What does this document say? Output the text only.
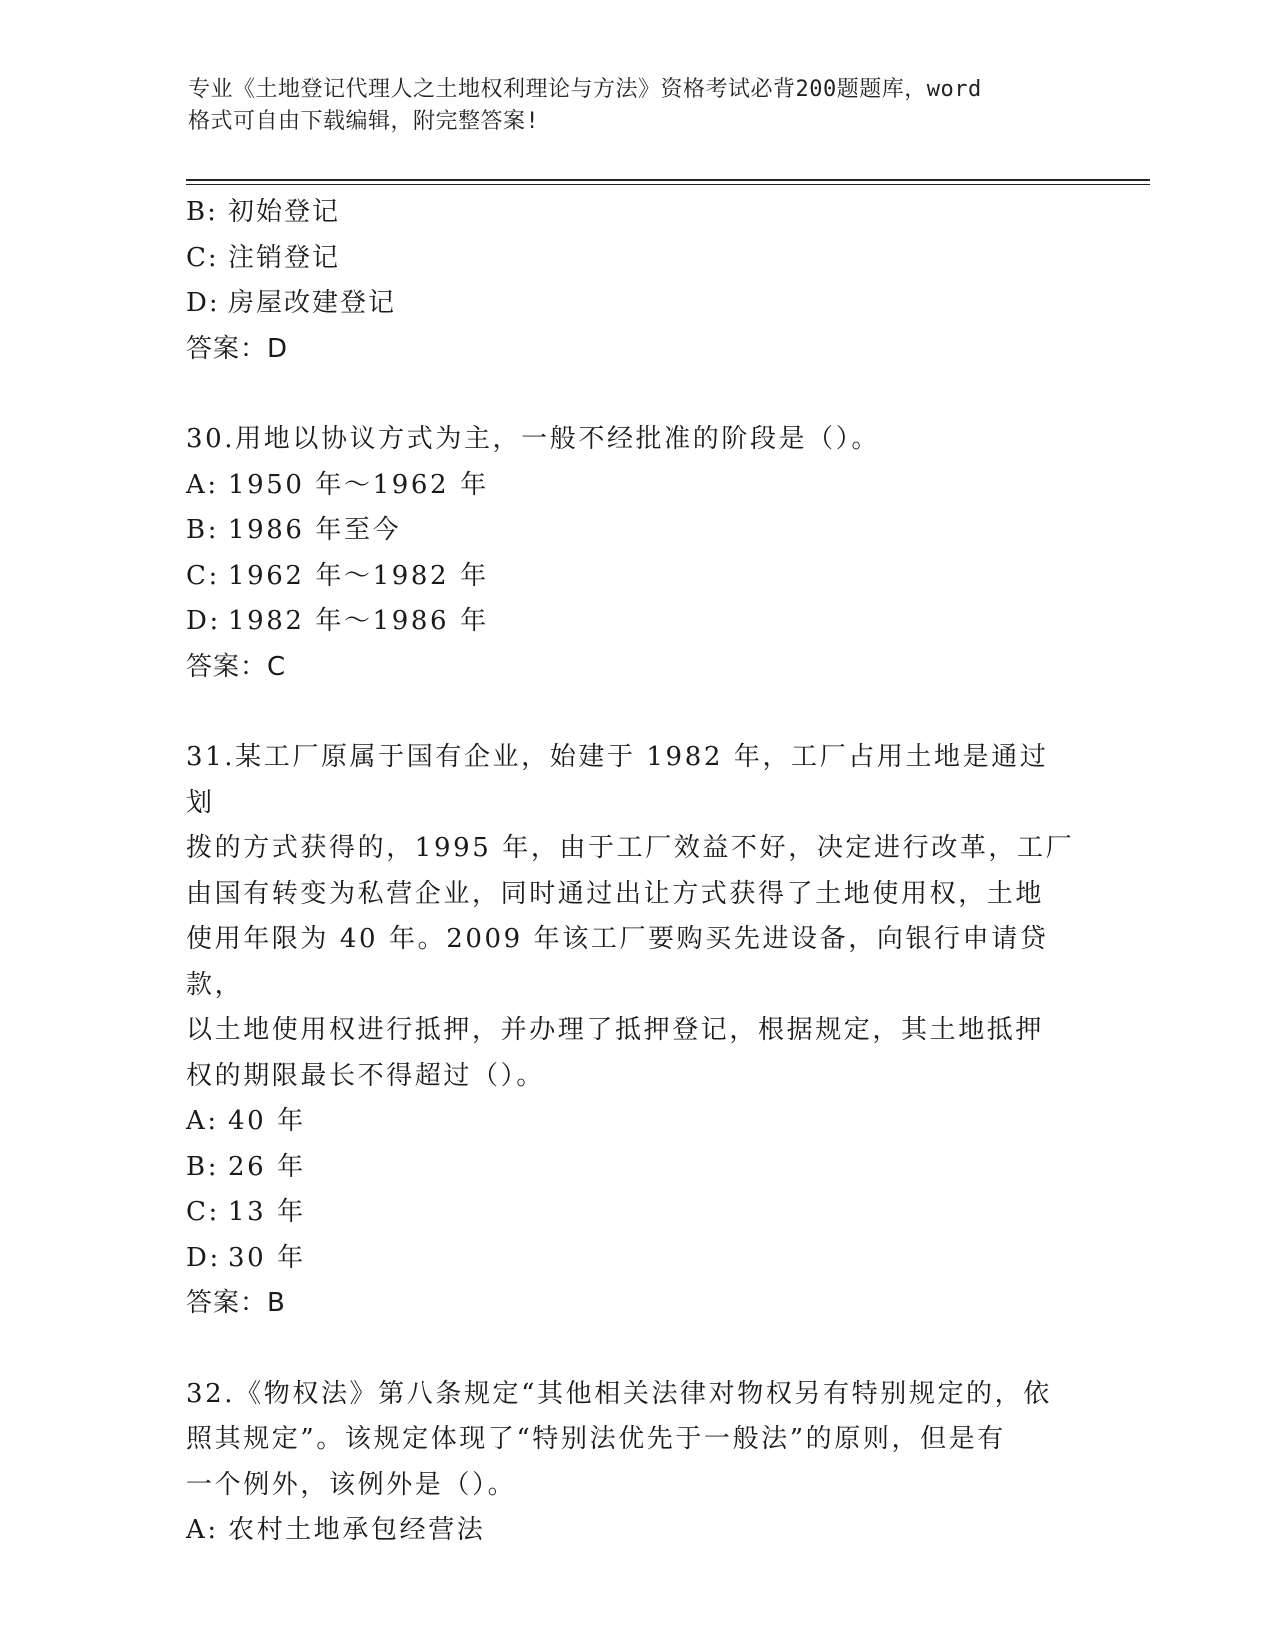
专业《土地登记代理人之土地权利理论与方法》资格考试必背200题题库，word
格式可自由下载编辑，附完整答案!
B: 初始登记
C: 注销登记
D: 房屋改建登记
答案：D
30.用地以协议方式为主，一般不经批准的阶段是（）。
A: 1950 年～1962 年
B: 1986 年至今
C: 1962 年～1982 年
D: 1982 年～1986 年
答案：C
31.某工厂原属于国有企业，始建于 1982 年，工厂占用土地是通过划
拨的方式获得的，1995 年，由于工厂效益不好，决定进行改革，工厂
由国有转变为私营企业，同时通过出让方式获得了土地使用权，土地
使用年限为 40 年。2009 年该工厂要购买先进设备，向银行申请贷款，
以土地使用权进行抵押，并办理了抵押登记，根据规定，其土地抵押
权的期限最长不得超过（）。
A: 40 年
B: 26 年
C: 13 年
D: 30 年
答案：B
32.《物权法》第八条规定“其他相关法律对物权另有特别规定的，依
照其规定”。该规定体现了“特别法优先于一般法”的原则，但是有
一个例外，该例外是（）。
A: 农村土地承包经营法
